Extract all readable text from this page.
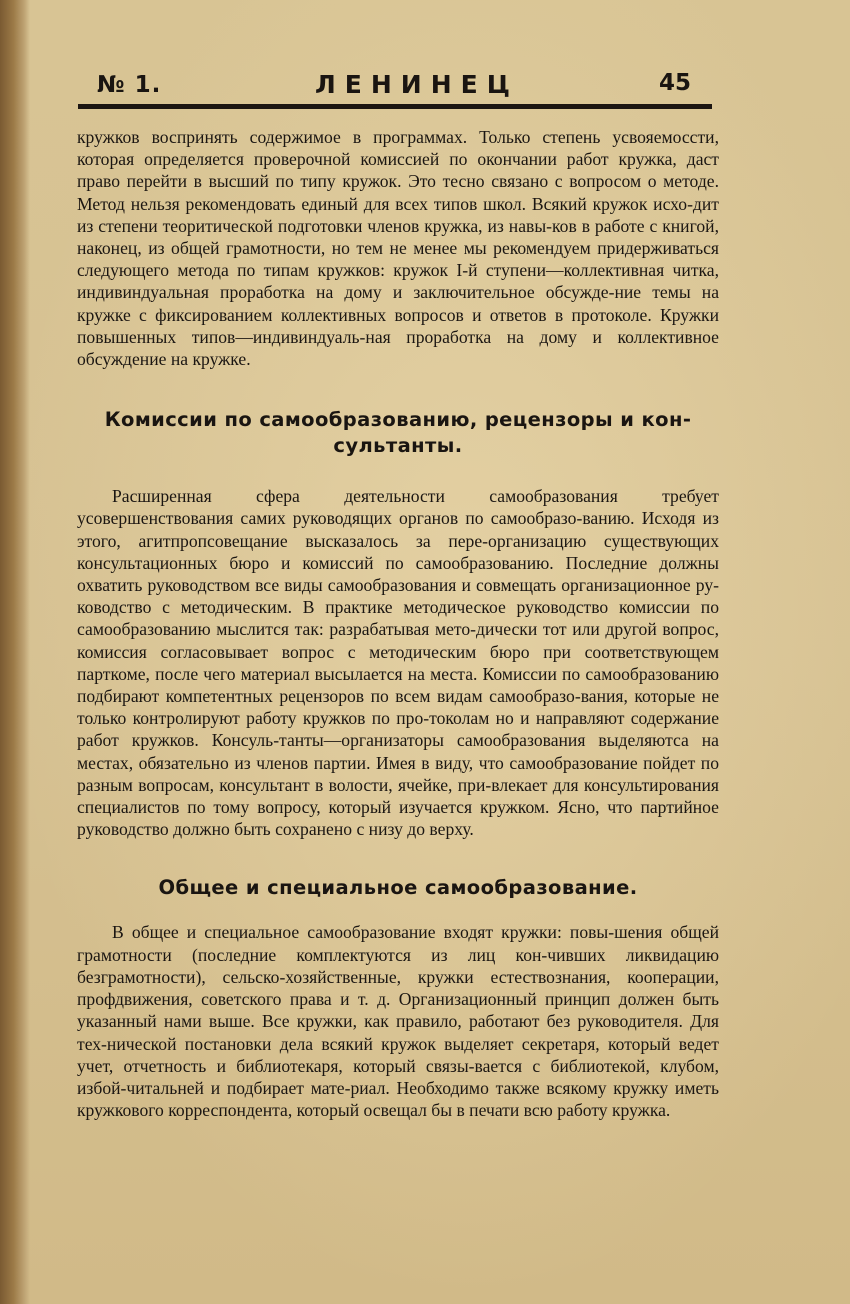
№ 1.	ЛЕНИНЕЦ	45

кружков воспринять содержимое в программах. Только степень усвояемосcти, которая определяется проверочной комиссией по окончании работ кружка, даст право перейти в высший по типу кружок. Это тесно связано с вопросом о методе. Метод нельзя рекомендовать единый для всех типов школ. Всякий кружок исхо-дит из степени теоритической подготовки членов кружка, из навы-ков в работе с книгой, наконец, из общей грамотности, но тем не менее мы рекомендуем придерживаться следующего метода по типам кружков: кружок I-й ступени—коллективная читка, индивиндуальная проработка на дому и заключительное обсужде-ние темы на кружке с фиксированием коллективных вопросов и ответов в протоколе. Кружки повышенных типов—индивиндуаль-ная проработка на дому и коллективное обсуждение на кружке.

Комиссии по самообразованию, рецензоры и кон-сультанты.

Расширенная сфера деятельности самообразования требует усовершенствования самих руководящих органов по самообразо-ванию. Исходя из этого, агитпропсовещание высказалось за пере-организацию существующих консультационных бюро и комиссий по самообразованию. Последние должны охватить руководством все виды самообразования и совмещать организационное ру-ководство с методическим. В практике методическое руководство комиссии по самообразованию мыслится так: разрабатывая мето-дически тот или другой вопрос, комиссия согласовывает вопрос с методическим бюро при соответствующем парткоме, после чего материал высылается на места. Комиссии по самообразованию подбирают компетентных рецензоров по всем видам самообразо-вания, которые не только контролируют работу кружков по про-токолам но и направляют содержание работ кружков. Консуль-танты—организаторы самообразования выделяютса на местах, обязательно из членов партии. Имея в виду, что самообразование пойдет по разным вопросам, консультант в волости, ячейке, при-влекает для консультирования специалистов по тому вопросу, который изучается кружком. Ясно, что партийное руководство должно быть сохранено с низу до верху.

Общее и специальное самообразование.

В общее и специальное самообразование входят кружки: повы-шения общей грамотности (последние комплектуются из лиц кон-чивших ликвидацию безграмотности), сельско-хозяйственные, кружки естествознания, кооперации, профдвижения, советского права и т. д. Организационный принцип должен быть указанный нами выше. Все кружки, как правило, работают без руководителя. Для тех-нической постановки дела всякий кружок выделяет секретаря, который ведет учет, отчетность и библиотекаря, который связы-вается с библиотекой, клубом, избой-читальней и подбирает мате-риал. Необходимо также всякому кружку иметь кружкового корреспондента, который освещал бы в печати всю работу кружка.
